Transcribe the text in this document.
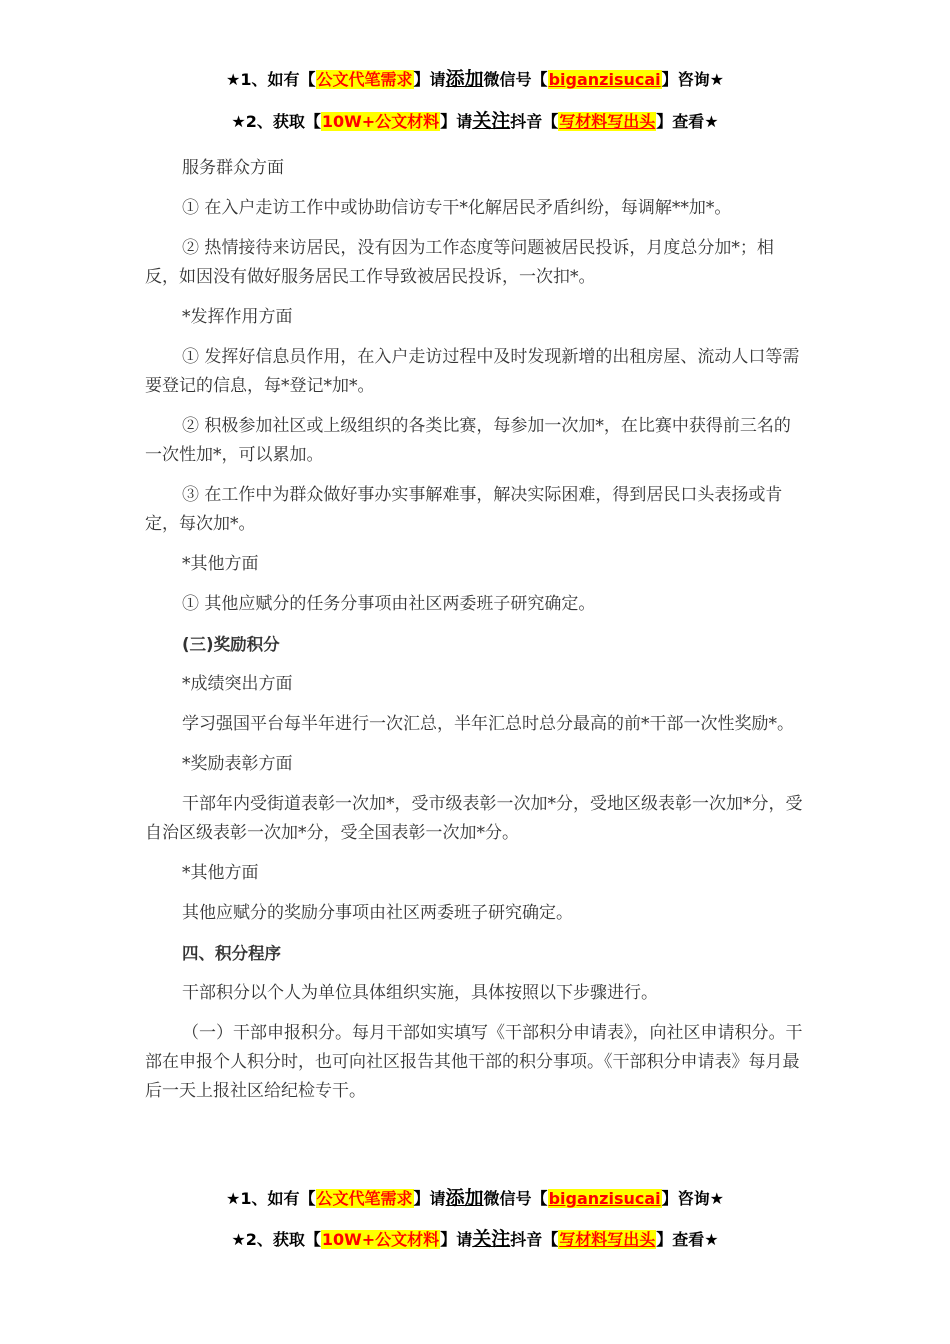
★1、如有【公文代笔需求】请添加微信号【biganzisucai】咨询★
★2、获取【10W+公文材料】请关注抖音【写材料写出头】查看★

服务群众方面

① 在入户走访工作中或协助信访专干*化解居民矛盾纠纷，每调解**加*。

② 热情接待来访居民，没有因为工作态度等问题被居民投诉，月度总分加*；相反，如因没有做好服务居民工作导致被居民投诉，一次扣*。

*发挥作用方面

① 发挥好信息员作用，在入户走访过程中及时发现新增的出租房屋、流动人口等需要登记的信息，每*登记*加*。

② 积极参加社区或上级组织的各类比赛，每参加一次加*，在比赛中获得前三名的一次性加*，可以累加。

③ 在工作中为群众做好事办实事解难事，解决实际困难，得到居民口头表扬或肯定，每次加*。

*其他方面

① 其他应赋分的任务分事项由社区两委班子研究确定。

(三)奖励积分

*成绩突出方面

学习强国平台每半年进行一次汇总，半年汇总时总分最高的前*干部一次性奖励*。

*奖励表彰方面

干部年内受街道表彰一次加*，受市级表彰一次加*分，受地区级表彰一次加*分，受自治区级表彰一次加*分，受全国表彰一次加*分。

*其他方面

其他应赋分的奖励分事项由社区两委班子研究确定。

四、积分程序

干部积分以个人为单位具体组织实施，具体按照以下步骤进行。

（一）干部申报积分。每月干部如实填写《干部积分申请表》，向社区申请积分。干部在申报个人积分时，也可向社区报告其他干部的积分事项。《干部积分申请表》每月最后一天上报社区给纪检专干。

★1、如有【公文代笔需求】请添加微信号【biganzisucai】咨询★
★2、获取【10W+公文材料】请关注抖音【写材料写出头】查看★
